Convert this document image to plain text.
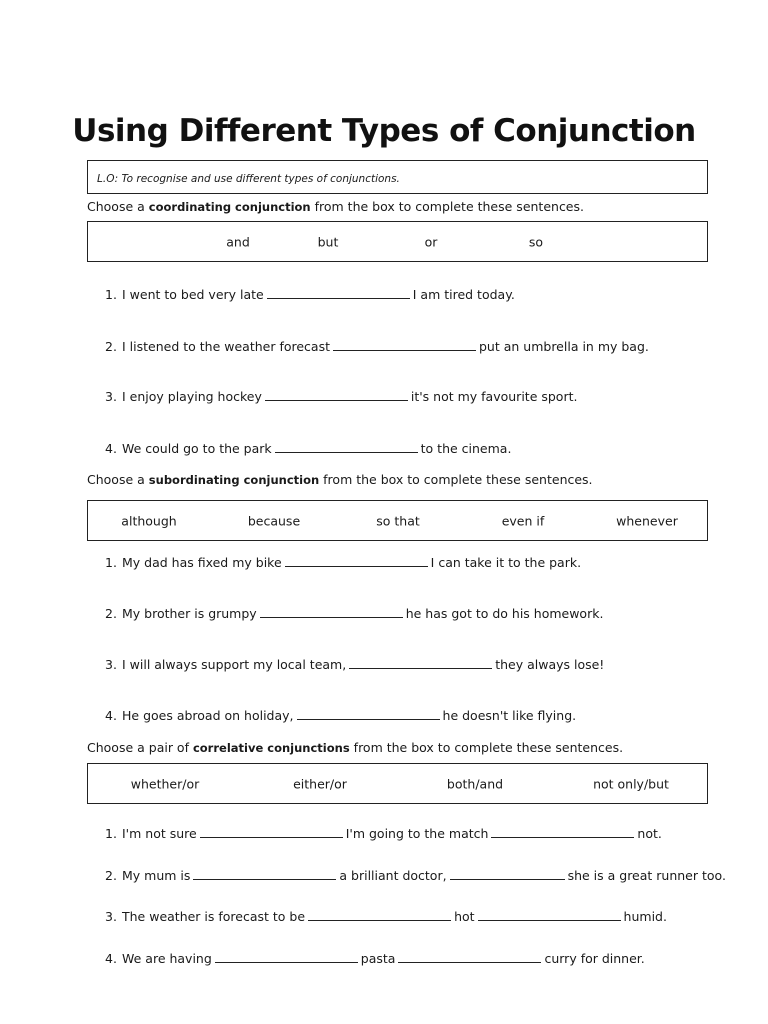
Using Different Types of Conjunction
L.O: To recognise and use different types of conjunctions.
Choose a coordinating conjunction from the box to complete these sentences.
and	but	or	so
1. I went to bed very late	I am tired today.
2. I listened to the weather forecast	put an umbrella in my bag.
3. I enjoy playing hockey	it's not my favourite sport.
4. We could go to the park	to the cinema.
Choose a subordinating conjunction from the box to complete these sentences.
although	because	so that	even if	whenever
1. My dad has fixed my bike	I can take it to the park.
2. My brother is grumpy	he has got to do his homework.
3. I will always support my local team,	they always lose!
4. He goes abroad on holiday,	he doesn't like flying.
Choose a pair of correlative conjunctions from the box to complete these sentences.
whether/or	either/or	both/and	not only/but
1. I'm not sure	I'm going to the match	not.
2. My mum is	a brilliant doctor,	she is a great runner too.
3. The weather is forecast to be	hot	humid.
4. We are having	pasta	curry for dinner.
